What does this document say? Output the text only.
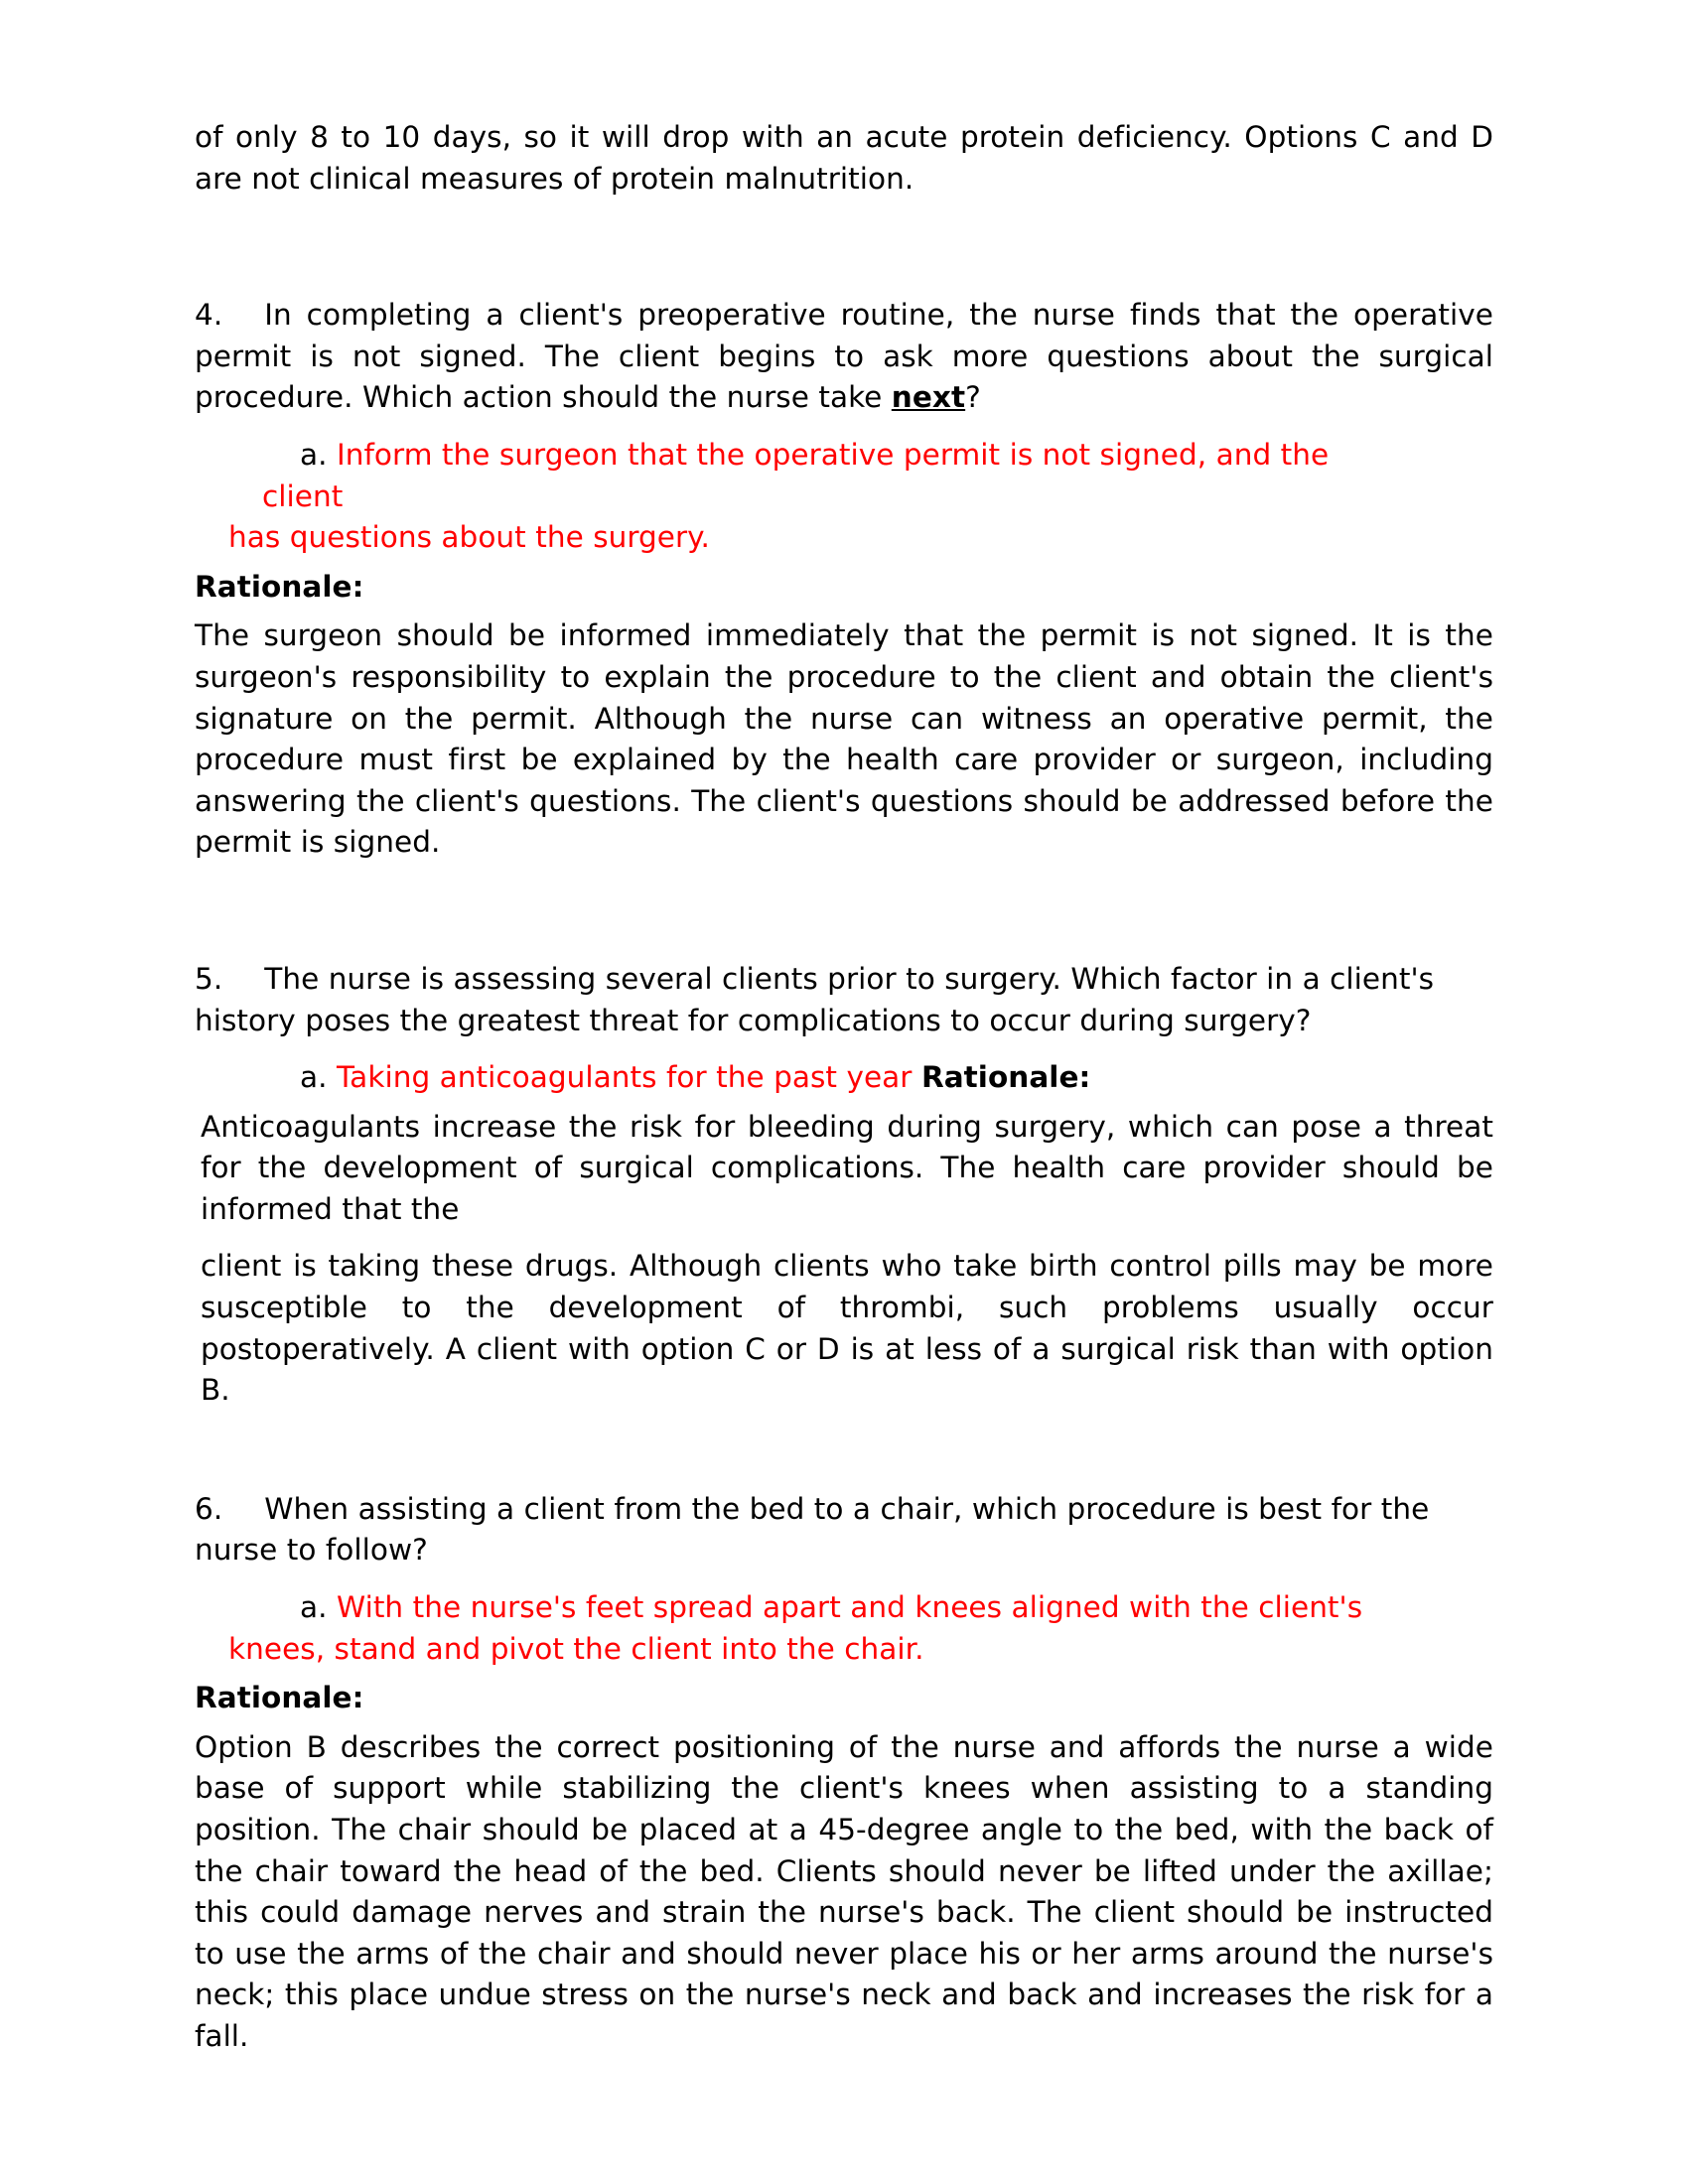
of only 8 to 10 days, so it will drop with an acute protein deficiency. Options C and D are not clinical measures of protein malnutrition.

4. In completing a client's preoperative routine, the nurse finds that the operative permit is not signed. The client begins to ask more questions about the surgical procedure. Which action should the nurse take next?

a. Inform the surgeon that the operative permit is not signed, and the

client

has questions about the surgery.

Rationale:

The surgeon should be informed immediately that the permit is not signed. It is the surgeon's responsibility to explain the procedure to the client and obtain the client's signature on the permit. Although the nurse can witness an operative permit, the procedure must first be explained by the health care provider or surgeon, including answering the client's questions. The client's questions should be addressed before the permit is signed.

5. The nurse is assessing several clients prior to surgery. Which factor in a client's history poses the greatest threat for complications to occur during surgery?

a. Taking anticoagulants for the past year Rationale:

Anticoagulants increase the risk for bleeding during surgery, which can pose a threat for the development of surgical complications. The health care provider should be informed that the

client is taking these drugs. Although clients who take birth control pills may be more susceptible to the development of thrombi, such problems usually occur postoperatively. A client with option C or D is at less of a surgical risk than with option B.

6. When assisting a client from the bed to a chair, which procedure is best for the nurse to follow?

a. With the nurse's feet spread apart and knees aligned with the client's

knees, stand and pivot the client into the chair.

Rationale:

Option B describes the correct positioning of the nurse and affords the nurse a wide base of support while stabilizing the client's knees when assisting to a standing position. The chair should be placed at a 45-degree angle to the bed, with the back of the chair toward the head of the bed. Clients should never be lifted under the axillae; this could damage nerves and strain the nurse's back. The client should be instructed to use the arms of the chair and should never place his or her arms around the nurse's neck; this place undue stress on the nurse's neck and back and increases the risk for a fall.
